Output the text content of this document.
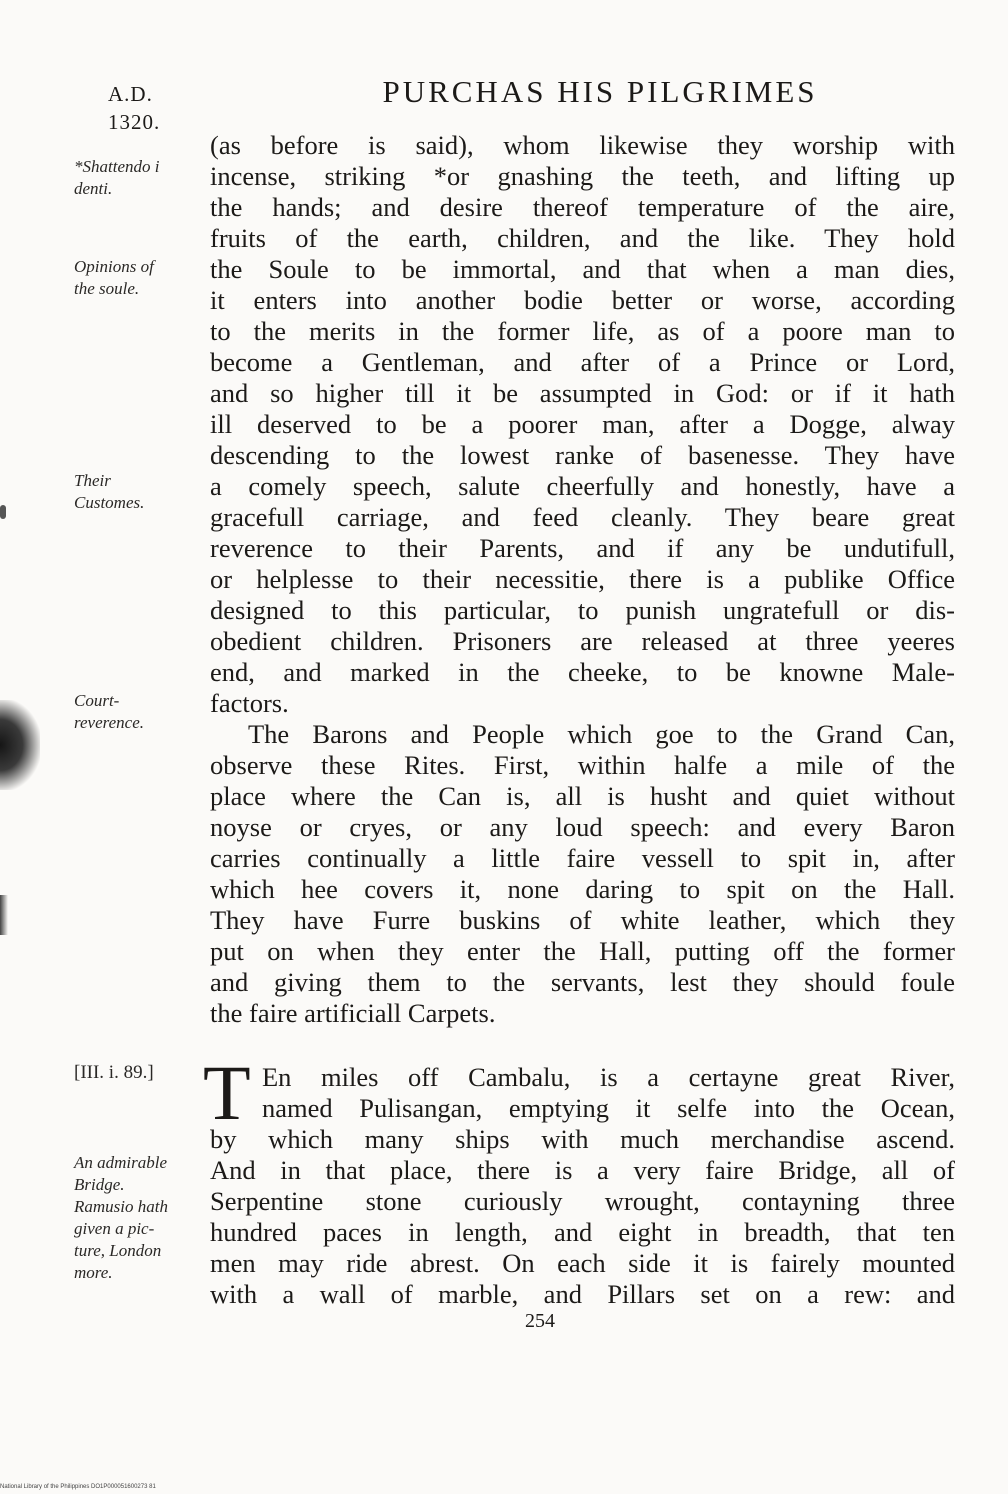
A.D.
1320.
PURCHAS HIS PILGRIMES
*Shattendo i
denti.
Opinions of
the soule.
Their
Customes.
Court-
reverence.
[III. i. 89.]
An admirable
Bridge.
Ramusio hath
given a pic-
ture, London
more.
(as before is said), whom likewise they worship with
incense, striking *or gnashing the teeth, and lifting up
the hands; and desire thereof temperature of the aire,
fruits of the earth, children, and the like. They hold
the Soule to be immortal, and that when a man dies,
it enters into another bodie better or worse, according
to the merits in the former life, as of a poore man to
become a Gentleman, and after of a Prince or Lord,
and so higher till it be assumpted in God: or if it hath
ill deserved to be a poorer man, after a Dogge, alway
descending to the lowest ranke of basenesse. They have
a comely speech, salute cheerfully and honestly, have a
gracefull carriage, and feed cleanly. They beare great
reverence to their Parents, and if any be undutifull,
or helplesse to their necessitie, there is a publike Office
designed to this particular, to punish ungratefull or dis-
obedient children. Prisoners are released at three yeeres
end, and marked in the cheeke, to be knowne Male-
factors.
The Barons and People which goe to the Grand Can,
observe these Rites. First, within halfe a mile of the
place where the Can is, all is husht and quiet without
noyse or cryes, or any loud speech: and every Baron
carries continually a little faire vessell to spit in, after
which hee covers it, none daring to spit on the Hall.
They have Furre buskins of white leather, which they
put on when they enter the Hall, putting off the former
and giving them to the servants, lest they should foule
the faire artificiall Carpets.
T En miles off Cambalu, is a certayne great River,
named Pulisangan, emptying it selfe into the Ocean,
by which many ships with much merchandise ascend.
And in that place, there is a very faire Bridge, all of
Serpentine stone curiously wrought, contayning three
hundred paces in length, and eight in breadth, that ten
men may ride abrest. On each side it is fairely mounted
with a wall of marble, and Pillars set on a rew: and
254
National Library of the Philippines DO1P000051600273 81
